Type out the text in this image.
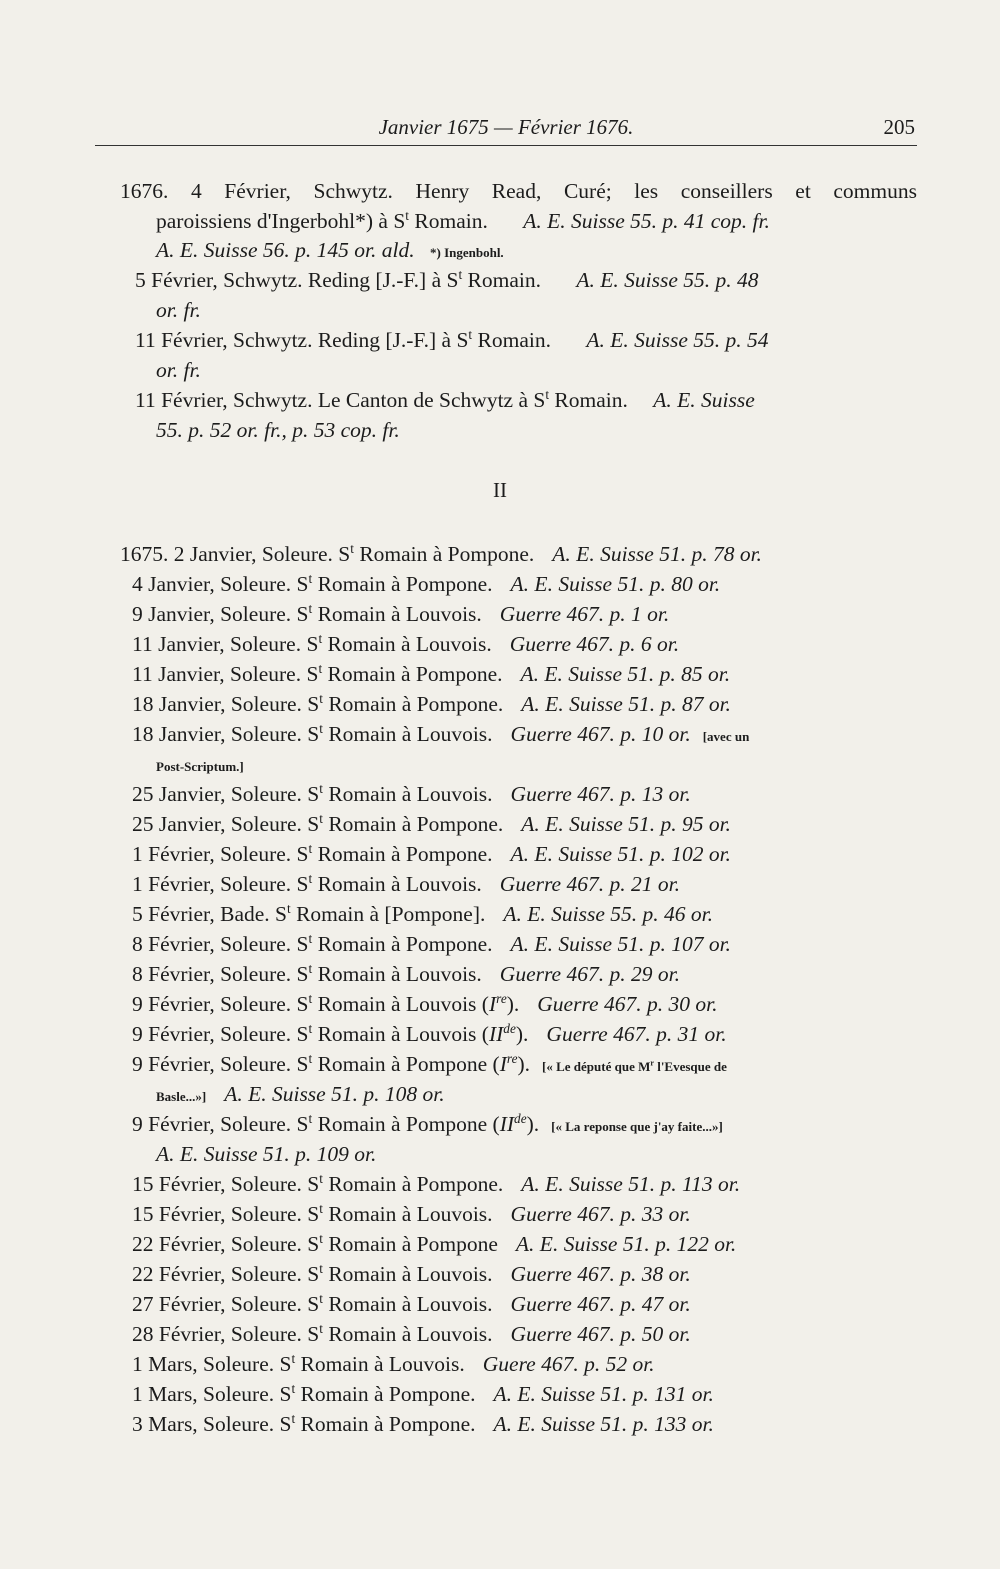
Janvier 1675 — Février 1676.	205
1676. 4 Février, Schwytz. Henry Read, Curé; les conseillers et communs
paroissiens d'Ingerbohl*) à $S^t$ Romain. A. E. Suisse 55. p. 41 cop. fr.
A. E. Suisse 56. p. 145 or. ald. *) Ingenbohl.
5 Février, Schwytz. Reding [J.-F.] à $S^t$ Romain. A. E. Suisse 55. p. 48
or. fr.
11 Février, Schwytz. Reding [J.-F.] à $S^t$ Romain. A. E. Suisse 55. p. 54
or. fr.
11 Février, Schwytz. Le Canton de Schwytz à $S^t$ Romain. A. E. Suisse
55. p. 52 or. fr., p. 53 cop. fr.
II
1675. 2 Janvier, Soleure. $S^t$ Romain à Pompone. A. E. Suisse 51. p. 78 or.
4 Janvier, Soleure. $S^t$ Romain à Pompone. A. E. Suisse 51. p. 80 or.
9 Janvier, Soleure. $S^t$ Romain à Louvois. Guerre 467. p. 1 or.
11 Janvier, Soleure. $S^t$ Romain à Louvois. Guerre 467. p. 6 or.
11 Janvier, Soleure. $S^t$ Romain à Pompone. A. E. Suisse 51. p. 85 or.
18 Janvier, Soleure. $S^t$ Romain à Pompone. A. E. Suisse 51. p. 87 or.
18 Janvier, Soleure. $S^t$ Romain à Louvois. Guerre 467. p. 10 or. [avec un
Post-Scriptum.]
25 Janvier, Soleure. $S^t$ Romain à Louvois. Guerre 467. p. 13 or.
25 Janvier, Soleure. $S^t$ Romain à Pompone. A. E. Suisse 51. p. 95 or.
1 Février, Soleure. $S^t$ Romain à Pompone. A. E. Suisse 51. p. 102 or.
1 Février, Soleure. $S^t$ Romain à Louvois. Guerre 467. p. 21 or.
5 Février, Bade. $S^t$ Romain à [Pompone]. A. E. Suisse 55. p. 46 or.
8 Février, Soleure. $S^t$ Romain à Pompone. A. E. Suisse 51. p. 107 or.
8 Février, Soleure. $S^t$ Romain à Louvois. Guerre 467. p. 29 or.
9 Février, Soleure. $S^t$ Romain à Louvois (Ire). Guerre 467. p. 30 or.
9 Février, Soleure. $S^t$ Romain à Louvois (IIde). Guerre 467. p. 31 or.
9 Février, Soleure. $S^t$ Romain à Pompone (Ire). [« Le député que $M^r$ l'Evesque de
Basle...»] A. E. Suisse 51. p. 108 or.
9 Février, Soleure. $S^t$ Romain à Pompone (IIde). [« La reponse que j'ay faite...»]
A. E. Suisse 51. p. 109 or.
15 Février, Soleure. $S^t$ Romain à Pompone. A. E. Suisse 51. p. 113 or.
15 Février, Soleure. $S^t$ Romain à Louvois. Guerre 467. p. 33 or.
22 Février, Soleure. $S^t$ Romain à Pompone A. E. Suisse 51. p. 122 or.
22 Février, Soleure. $S^t$ Romain à Louvois. Guerre 467. p. 38 or.
27 Février, Soleure. $S^t$ Romain à Louvois. Guerre 467. p. 47 or.
28 Février, Soleure. $S^t$ Romain à Louvois. Guerre 467. p. 50 or.
1 Mars, Soleure. $S^t$ Romain à Louvois. Guere 467. p. 52 or.
1 Mars, Soleure. $S^t$ Romain à Pompone. A. E. Suisse 51. p. 131 or.
3 Mars, Soleure. $S^t$ Romain à Pompone. A. E. Suisse 51. p. 133 or.
